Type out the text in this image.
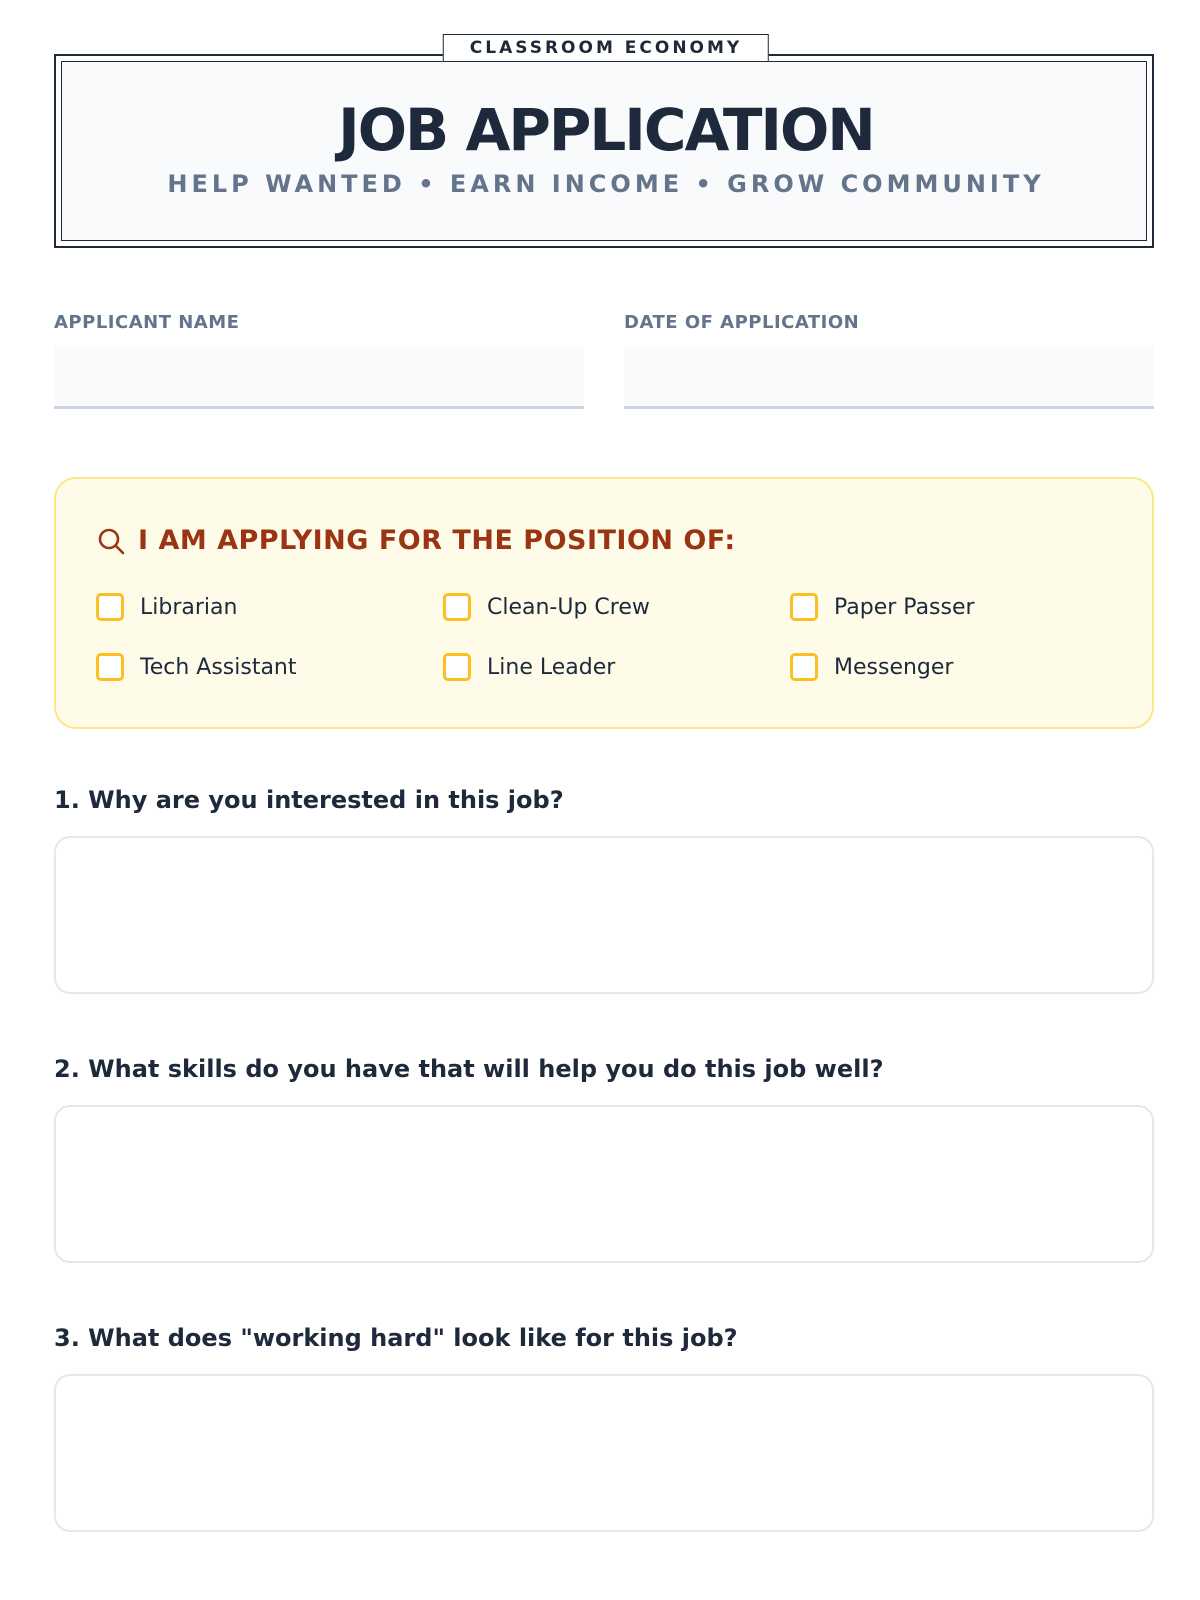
CLASSROOM ECONOMY
JOB APPLICATION
HELP WANTED • EARN INCOME • GROW COMMUNITY
APPLICANT NAME	DATE OF APPLICATION
I AM APPLYING FOR THE POSITION OF:
Librarian	Clean-Up Crew	Paper Passer
Tech Assistant	Line Leader	Messenger
1. Why are you interested in this job?
2. What skills do you have that will help you do this job well?
3. What does "working hard" look like for this job?
